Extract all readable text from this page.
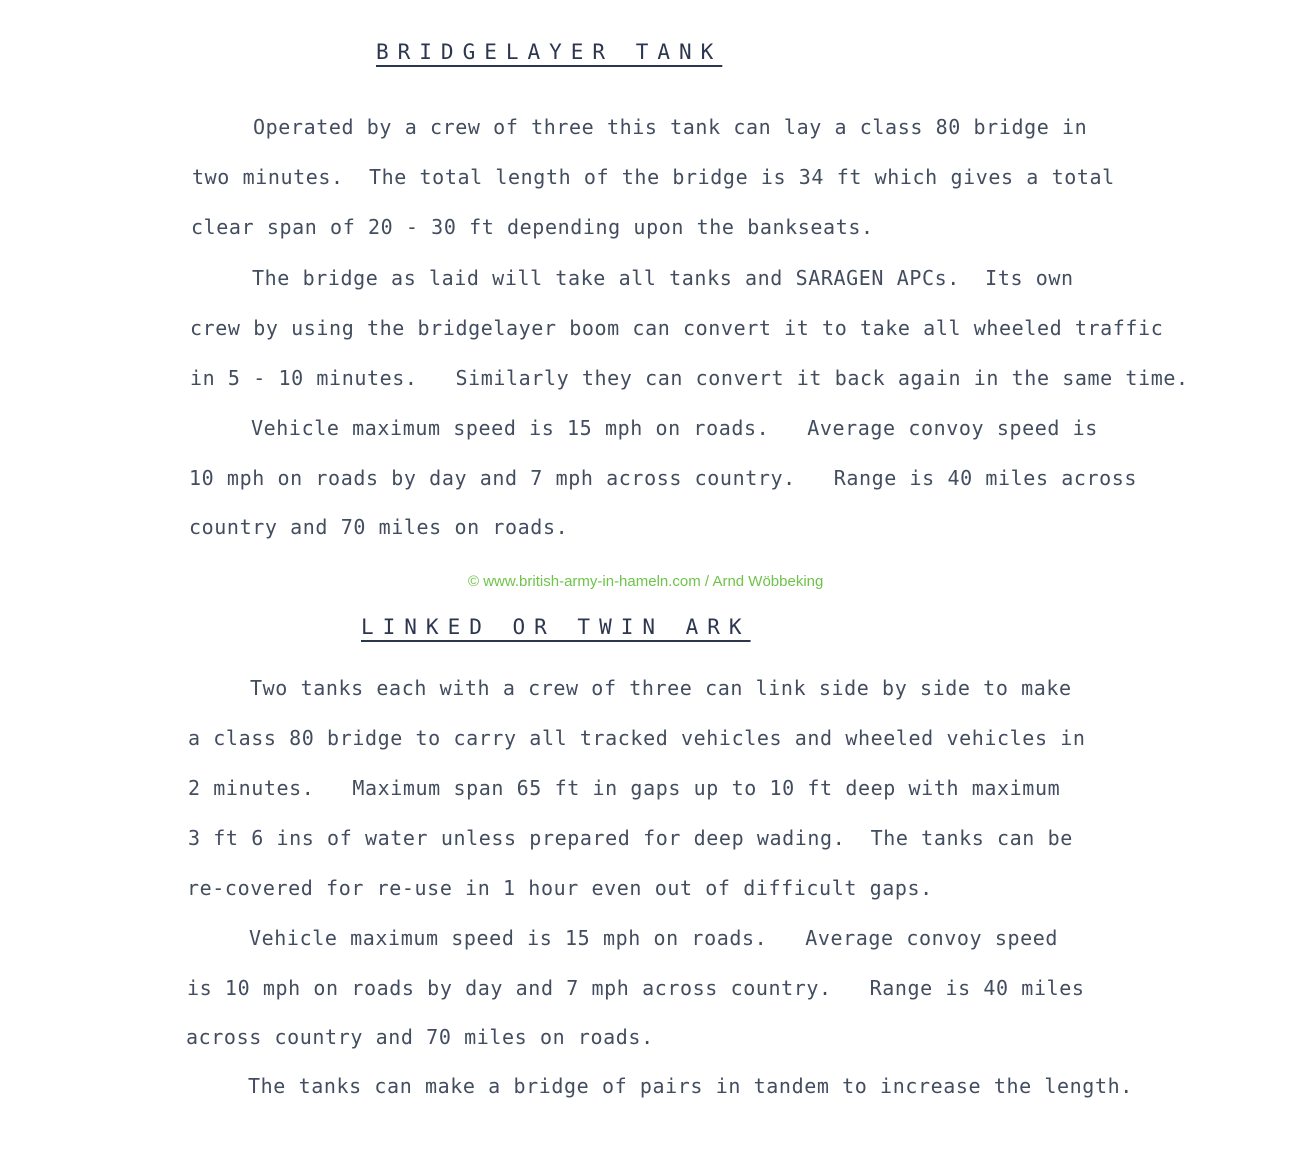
BRIDGELAYER TANK
Operated by a crew of three this tank can lay a class 80 bridge in
two minutes.  The total length of the bridge is 34 ft which gives a total
clear span of 20 - 30 ft depending upon the bankseats.
The bridge as laid will take all tanks and SARAGEN APCs.  Its own
crew by using the bridgelayer boom can convert it to take all wheeled traffic
in 5 - 10 minutes.   Similarly they can convert it back again in the same time.
Vehicle maximum speed is 15 mph on roads.   Average convoy speed is
10 mph on roads by day and 7 mph across country.   Range is 40 miles across
country and 70 miles on roads.
© www.british-army-in-hameln.com / Arnd Wöbbeking
LINKED OR TWIN ARK
Two tanks each with a crew of three can link side by side to make
a class 80 bridge to carry all tracked vehicles and wheeled vehicles in
2 minutes.   Maximum span 65 ft in gaps up to 10 ft deep with maximum
3 ft 6 ins of water unless prepared for deep wading.  The tanks can be
re-covered for re-use in 1 hour even out of difficult gaps.
Vehicle maximum speed is 15 mph on roads.   Average convoy speed
is 10 mph on roads by day and 7 mph across country.   Range is 40 miles
across country and 70 miles on roads.
The tanks can make a bridge of pairs in tandem to increase the length.
